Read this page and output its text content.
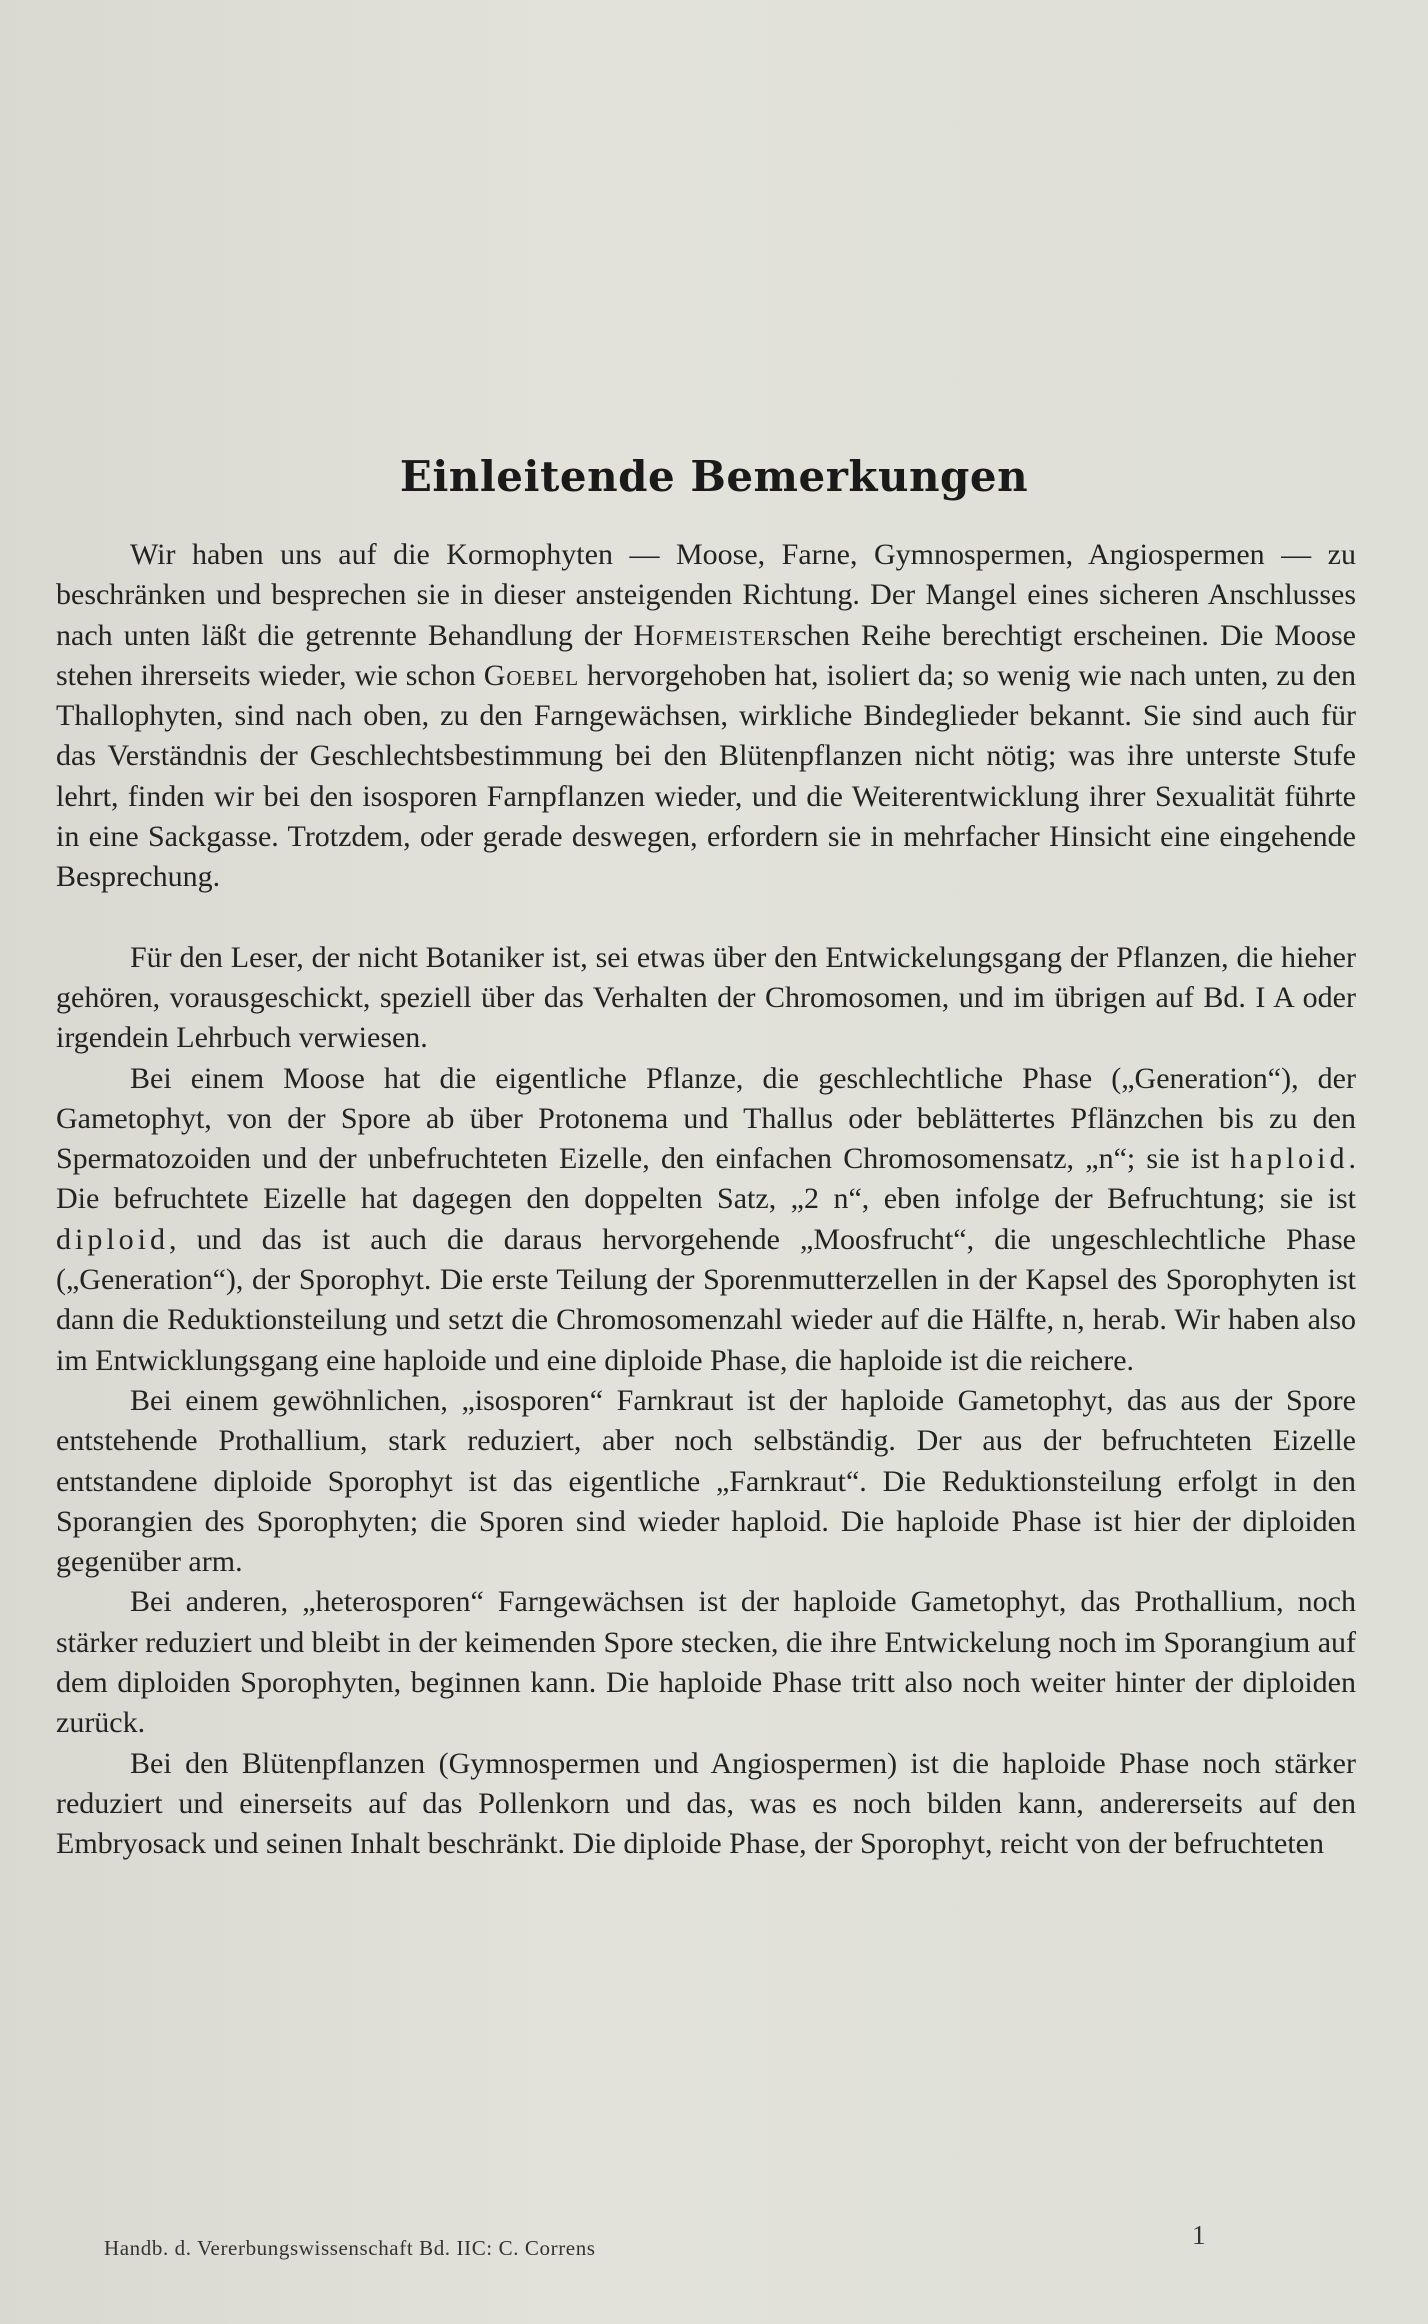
Einleitende Bemerkungen

Wir haben uns auf die Kormophyten — Moose, Farne, Gymnospermen, Angiospermen — zu beschränken und besprechen sie in dieser ansteigenden Richtung. Der Mangel eines sicheren Anschlusses nach unten läßt die getrennte Behandlung der Hofmeisterschen Reihe berechtigt erscheinen. Die Moose stehen ihrerseits wieder, wie schon Goebel hervorgehoben hat, isoliert da; so wenig wie nach unten, zu den Thallophyten, sind nach oben, zu den Farngewächsen, wirkliche Bindeglieder bekannt. Sie sind auch für das Verständnis der Geschlechtsbestimmung bei den Blütenpflanzen nicht nötig; was ihre unterste Stufe lehrt, finden wir bei den isosporen Farnpflanzen wieder, und die Weiterentwicklung ihrer Sexualität führte in eine Sackgasse. Trotzdem, oder gerade deswegen, erfordern sie in mehrfacher Hinsicht eine eingehende Besprechung.

Für den Leser, der nicht Botaniker ist, sei etwas über den Entwickelungsgang der Pflanzen, die hieher gehören, vorausgeschickt, speziell über das Verhalten der Chromosomen, und im übrigen auf Bd. I A oder irgendein Lehrbuch verwiesen.

Bei einem Moose hat die eigentliche Pflanze, die geschlechtliche Phase („Generation“), der Gametophyt, von der Spore ab über Protonema und Thallus oder beblättertes Pflänzchen bis zu den Spermatozoiden und der unbefruchteten Eizelle, den einfachen Chromosomensatz, „n“; sie ist haploid. Die befruchtete Eizelle hat dagegen den doppelten Satz, „2 n“, eben infolge der Befruchtung; sie ist diploid, und das ist auch die daraus hervorgehende „Moosfrucht“, die ungeschlechtliche Phase („Generation“), der Sporophyt. Die erste Teilung der Sporenmutterzellen in der Kapsel des Sporophyten ist dann die Reduktionsteilung und setzt die Chromosomenzahl wieder auf die Hälfte, n, herab. Wir haben also im Entwicklungsgang eine haploide und eine diploide Phase, die haploide ist die reichere.

Bei einem gewöhnlichen, „isosporen“ Farnkraut ist der haploide Gametophyt, das aus der Spore entstehende Prothallium, stark reduziert, aber noch selbständig. Der aus der befruchteten Eizelle entstandene diploide Sporophyt ist das eigentliche „Farnkraut“. Die Reduktionsteilung erfolgt in den Sporangien des Sporophyten; die Sporen sind wieder haploid. Die haploide Phase ist hier der diploiden gegenüber arm.

Bei anderen, „heterosporen“ Farngewächsen ist der haploide Gametophyt, das Prothallium, noch stärker reduziert und bleibt in der keimenden Spore stecken, die ihre Entwickelung noch im Sporangium auf dem diploiden Sporophyten, beginnen kann. Die haploide Phase tritt also noch weiter hinter der diploiden zurück.

Bei den Blütenpflanzen (Gymnospermen und Angiospermen) ist die haploide Phase noch stärker reduziert und einerseits auf das Pollenkorn und das, was es noch bilden kann, andererseits auf den Embryosack und seinen Inhalt beschränkt. Die diploide Phase, der Sporophyt, reicht von der befruchteten

Handb. d. Vererbungswissenschaft Bd. IIC: C. Correns	1
